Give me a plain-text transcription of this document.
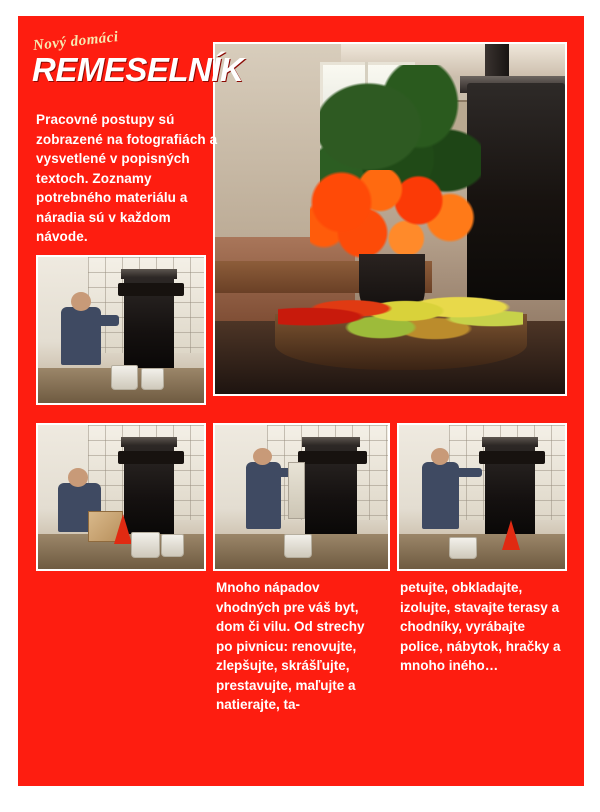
Nový domáci
REMESELNÍK

Pracovné postupy sú zobrazené na fotografiách a vysvetlené v popisných textoch. Zoznamy potrebného materiálu a náradia sú v každom návode.

Mnoho nápadov vhodných pre váš byt, dom či vilu. Od strechy po pivnicu: renovujte, zlepšujte, skrášľujte, prestavujte, maľujte a natierajte, ta-

petujte, obkladajte, izolujte, stavajte terasy a chodníky, vyrábajte police, nábytok, hračky a mnoho iného…
